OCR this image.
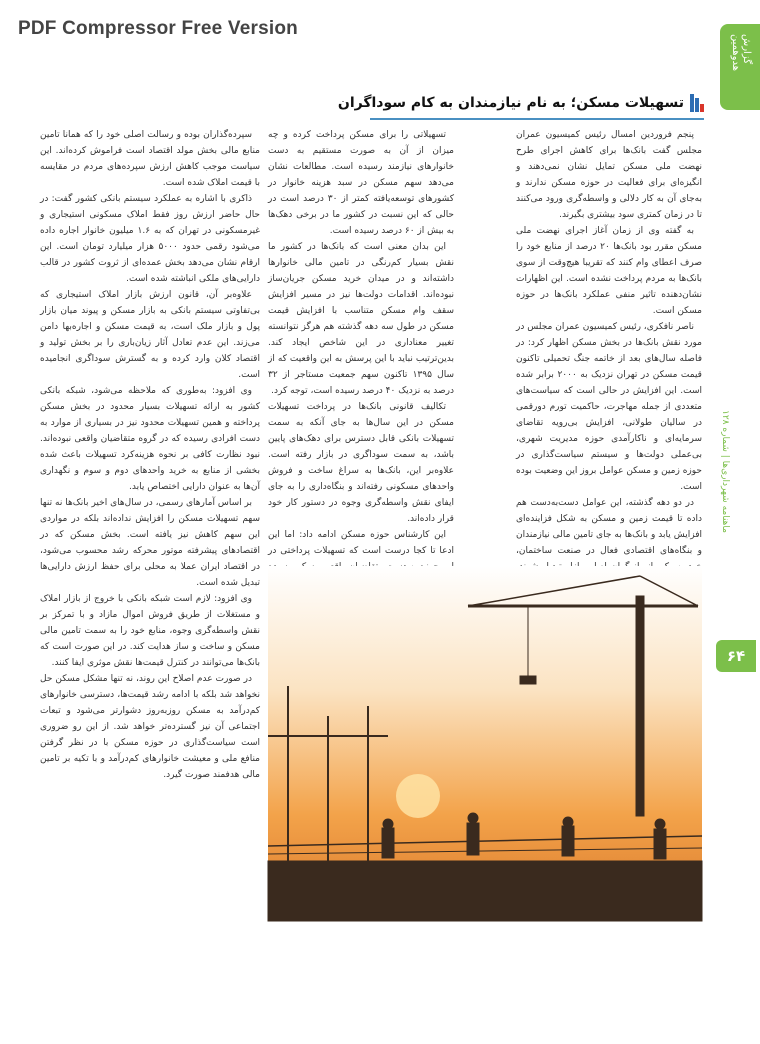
PDF Compressor Free Version
گزارش هدوهمین
ماهنامه شهرداری‌ها | شماره ۱۲۸
۶۴
تسهیلات مسکن؛ به نام نیازمندان به کام سوداگران

پنجم فروردین امسال رئیس کمیسیون عمران مجلس گفت بانک‌ها برای کاهش اجرای طرح نهضت ملی مسکن تمایل نشان نمی‌دهند و انگیزه‌ای برای فعالیت در حوزه مسکن ندارند و به‌جای آن به کار دلالی و واسطه‌گری ورود می‌کنند تا در زمان کمتری سود بیشتری بگیرند.

به گفته وی از زمان آغاز اجرای نهضت ملی مسکن مقرر بود بانک‌ها ۲۰ درصد از منابع خود را صرف اعطای وام کنند که تقریبا هیچ‌وقت از سوی بانک‌ها به مردم پرداخت نشده است. این اظهارات نشان‌دهنده تاثیر منفی عملکرد بانک‌ها در حوزه مسکن است.

ناصر نافکری، رئیس کمیسیون عمران مجلس در مورد نقش بانک‌ها در بخش مسکن اظهار کرد: در فاصله سال‌های بعد از خاتمه جنگ تحمیلی تاکنون قیمت مسکن در تهران نزدیک به ۲۰۰۰ برابر شده است. این افزایش در حالی است که سیاست‌های متعددی از جمله مهاجرت، حاکمیت تورم دورقمی در سالیان طولانی، افزایش بی‌رویه تقاضای سرمایه‌ای و ناکارآمدی حوزه مدیریت شهری، بی‌عملی دولت‌ها و سیستم سیاست‌گذاری در حوزه زمین و مسکن عوامل بروز این وضعیت بوده است.

در دو دهه گذشته، این عوامل دست‌به‌دست هم داده تا قیمت زمین و مسکن به شکل فزاینده‌ای افزایش یابد و بانک‌ها به جای تامین مالی نیازمندان و بنگاه‌های اقتصادی فعال در صنعت ساختمان،

تسهیلاتی را برای مسکن پرداخت کرده و چه میزان از آن به صورت مستقیم به دست خانوارهای نیازمند رسیده است. مطالعات نشان می‌دهد سهم مسکن در سبد هزینه خانوار در کشورهای توسعه‌یافته کمتر از ۳۰ درصد است در حالی که این نسبت در کشور ما در برخی دهک‌ها به بیش از ۶۰ درصد رسیده است.

این بدان معنی است که بانک‌ها در کشور ما نقش بسیار کم‌رنگی در تامین مالی خانوارها داشته‌اند و در میدان خرید مسکن جریان‌ساز نبوده‌اند. اقدامات دولت‌ها نیز در مسیر افزایش سقف وام مسکن متناسب با افزایش قیمت مسکن در طول سه دهه گذشته هم هرگز نتوانسته تغییر معناداری در این شاخص ایجاد کند. بدین‌ترتیب نباید با این پرسش به این واقعیت که از سال ۱۳۹۵ تاکنون سهم جمعیت مستاجر از ۳۲ درصد به نزدیک ۴۰ درصد رسیده است، توجه کرد.

تکالیف قانونی بانک‌ها در پرداخت تسهیلات مسکن در این سال‌ها به جای آنکه به سمت تسهیلات بانکی قابل دسترس برای دهک‌های پایین باشد، به سمت سوداگری در بازار رفته است. علاوه‌بر این، بانک‌ها به سراغ ساخت و فروش واحدهای مسکونی رفته‌اند و بنگاه‌داری را به جای ایفای نقش واسطه‌گری وجوه در دستور کار خود قرار داده‌اند.

این کارشناس حوزه مسکن ادامه داد: اما این ادعا تا کجا درست است که تسهیلات پرداختی در

سپرده‌گذاران بوده و رسالت اصلی خود را که همانا تامین منابع مالی بخش مولد اقتصاد است فراموش کرده‌اند. این سیاست موجب کاهش ارزش سپرده‌های مردم در مقایسه با قیمت املاک شده است.

ذاکری با اشاره به عملکرد سیستم بانکی کشور گفت: در حال حاضر ارزش روز فقط املاک مسکونی استیجاری و غیرمسکونی در تهران که به ۱.۶ میلیون خانوار اجاره داده می‌شود رقمی حدود ۵۰۰۰ هزار میلیارد تومان است. این ارقام نشان می‌دهد بخش عمده‌ای از ثروت کشور در قالب دارایی‌های ملکی انباشته شده است.

علاوه‌بر آن، قانون ارزش بازار املاک استیجاری که بی‌تفاوتی سیستم بانکی به بازار مسکن و پیوند میان بازار پول و بازار ملک است، به قیمت مسکن و اجاره‌بها دامن می‌زند. این عدم تعادل آثار زیان‌باری را بر بخش تولید و اقتصاد کلان وارد کرده و به گسترش سوداگری انجامیده است.

وی افزود: به‌طوری که ملاحظه می‌شود، شبکه بانکی کشور به ارائه تسهیلات بسیار محدود در بخش مسکن پرداخته و همین تسهیلات محدود نیز در بسیاری از موارد به دست افرادی رسیده که در گروه متقاضیان واقعی نبوده‌اند. نبود نظارت کافی بر نحوه هزینه‌کرد تسهیلات باعث شده بخشی از منابع به خرید واحدهای دوم و سوم و نگهداری آن‌ها به عنوان دارایی اختصاص یابد.

بر اساس آمارهای رسمی، در سال‌های اخیر بانک‌ها نه تنها سهم تسهیلات مسکن را افزایش نداده‌اند بلکه در مواردی این سهم کاهش نیز یافته است. بخش مسکن که در اقتصادهای پیشرفته موتور محرکه رشد محسوب می‌شود، در اقتصاد ایران عملا به محلی برای حفظ ارزش دارایی‌ها تبدیل شده است.

وی افزود: لازم است شبکه بانکی با خروج از بازار املاک و مستغلات از طریق فروش اموال مازاد و با تمرکز بر نقش واسطه‌گری وجوه، منابع خود را به سمت تامین مالی مسکن و ساخت و ساز هدایت کند. در این صورت است که بانک‌ها می‌توانند در کنترل قیمت‌ها نقش موثری ایفا کنند.

در صورت عدم اصلاح این روند، نه تنها مشکل مسکن حل نخواهد شد بلکه با ادامه رشد قیمت‌ها، دسترسی خانوارهای کم‌درآمد به مسکن روزبه‌روز دشوارتر می‌شود و تبعات اجتماعی آن نیز گسترده‌تر خواهد شد. از این رو ضروری است سیاست‌گذاری در حوزه مسکن با در نظر گرفتن منافع ملی و معیشت خانوارهای کم‌درآمد و با تکیه بر تامین مالی هدفمند صورت گیرد.
